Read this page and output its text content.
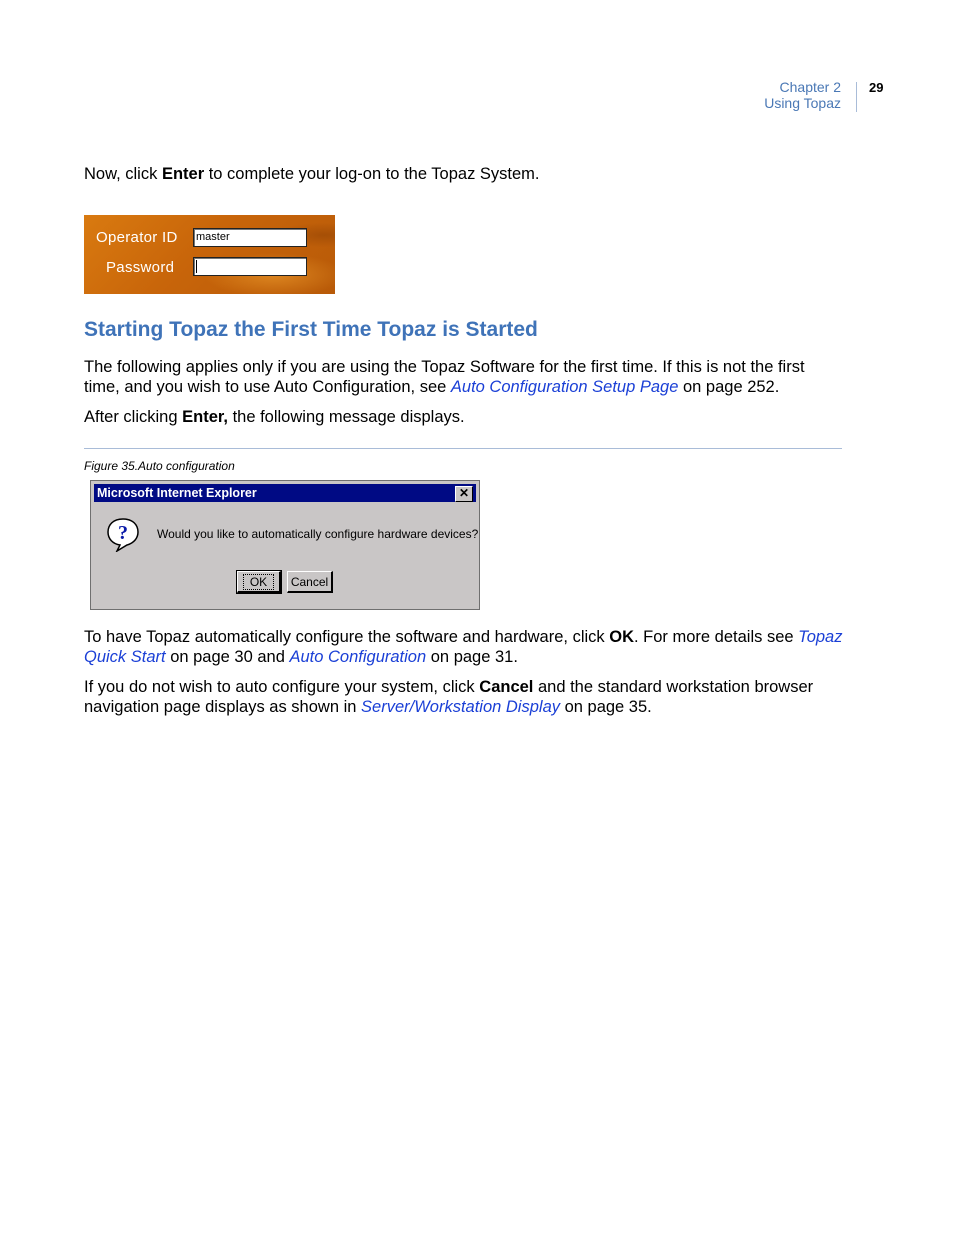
Chapter 2
Using Topaz
29
Now, click Enter to complete your log-on to the Topaz System.
Operator ID master
Password
Starting Topaz the First Time Topaz is Started
The following applies only if you are using the Topaz Software for the first time. If this is not the first time, and you wish to use Auto Configuration, see Auto Configuration Setup Page on page 252.
After clicking Enter, the following message displays.
Figure 35.Auto configuration
Microsoft Internet Explorer	✕
? Would you like to automatically configure hardware devices?
OK	Cancel
To have Topaz automatically configure the software and hardware, click OK. For more details see Topaz Quick Start on page 30 and Auto Configuration on page 31.
If you do not wish to auto configure your system, click Cancel and the standard workstation browser navigation page displays as shown in Server/Workstation Display on page 35.
